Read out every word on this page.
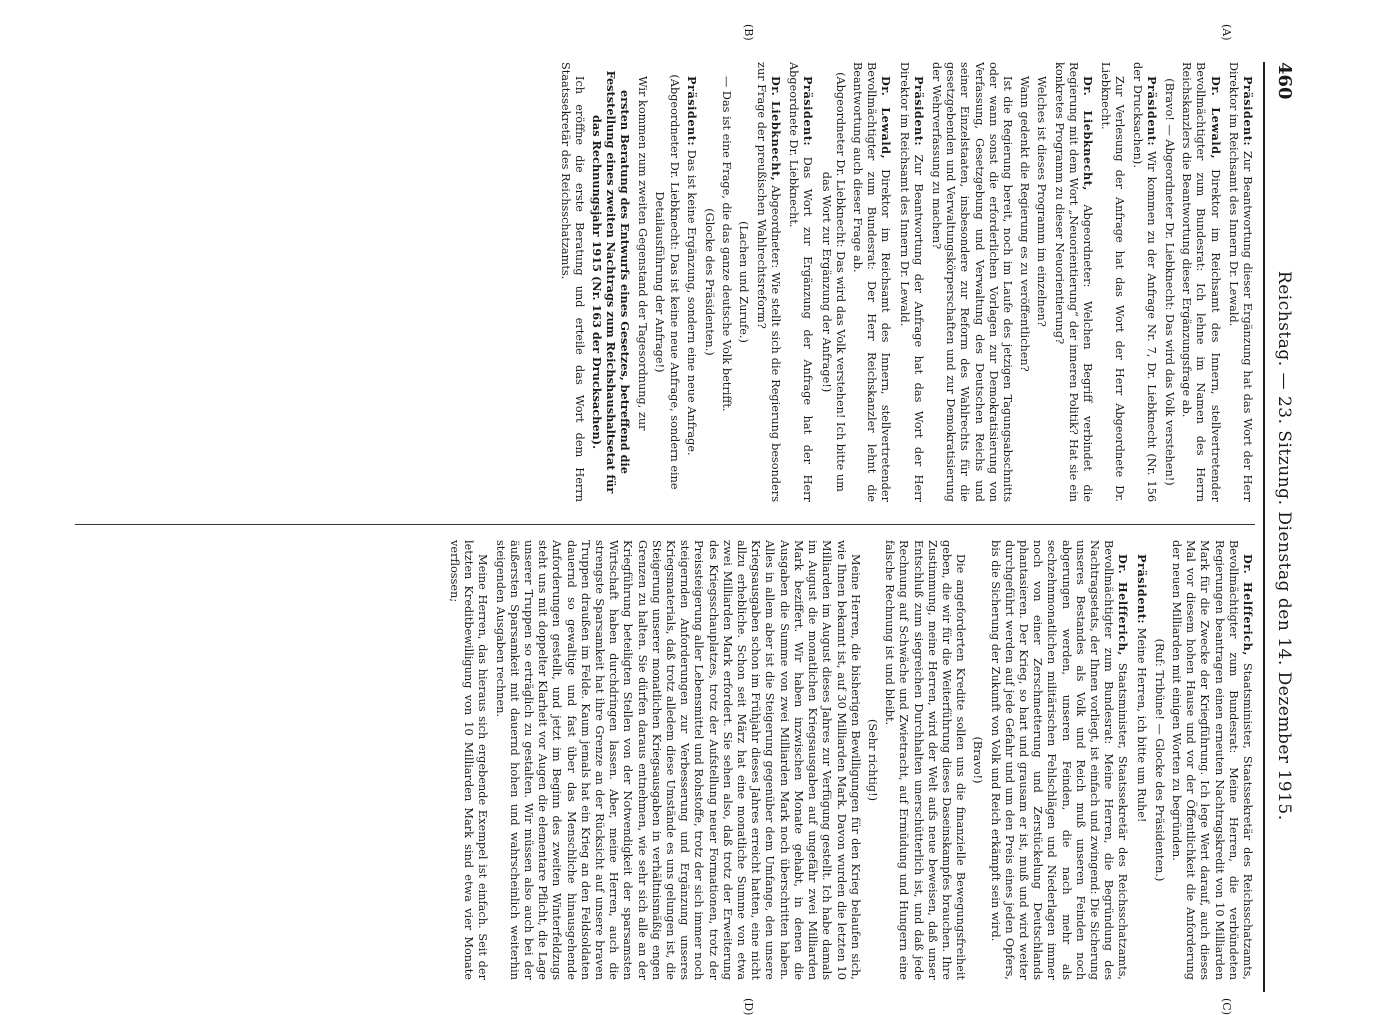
460
Reichstag. — 23. Sitzung. Dienstag den 14. Dezember 1915.
(A)
(B)
(C)
(D)

Präsident: Zur Beantwortung dieser Ergänzung hat das Wort der Herr Direktor im Reichsamt des Innern Dr. Lewald.

Dr. Lewald, Direktor im Reichsamt des Innern, stellvertretender Bevollmächtigter zum Bundesrat: Ich lehne im Namen des Herrn Reichskanzlers die Beantwortung dieser Ergänzungsfrage ab.

(Bravo! — Abgeordneter Dr. Liebknecht: Das wird das Volk verstehen!)

Präsident: Wir kommen zu der Anfrage Nr. 7, Dr. Liebknecht (Nr. 156 der Drucksachen).

Zur Verlesung der Anfrage hat das Wort der Herr Abgeordnete Dr. Liebknecht.

Dr. Liebknecht, Abgeordneter: Welchen Begriff verbindet die Regierung mit dem Wort „Neuorientierung“ der inneren Politik? Hat sie ein konkretes Programm zu dieser Neuorientierung?

Welches ist dieses Programm im einzelnen?

Wann gedenkt die Regierung es zu veröffentlichen?

Ist die Regierung bereit, noch im Laufe des jetzigen Tagungsabschnitts oder wann sonst die erforderlichen Vorlagen zur Demokratisierung von Verfassung, Gesetzgebung und Verwaltung des Deutschen Reichs und seiner Einzelstaaten, insbesondere zur Reform des Wahlrechts für die gesetzgebenden und Verwaltungskörperschaften und zur Demokratisierung der Wehrverfassung zu machen?

Präsident: Zur Beantwortung der Anfrage hat das Wort der Herr Direktor im Reichsamt des Innern Dr. Lewald.

Dr. Lewald, Direktor im Reichsamt des Innern, stellvertretender Bevollmächtigter zum Bundesrat: Der Herr Reichskanzler lehnt die Beantwortung auch dieser Frage ab.

(Abgeordneter Dr. Liebknecht: Das wird das Volk verstehen! Ich bitte um das Wort zur Ergänzung der Anfrage!)

Präsident: Das Wort zur Ergänzung der Anfrage hat der Herr Abgeordnete Dr. Liebknecht.

Dr. Liebknecht, Abgeordneter: Wie stellt sich die Regierung besonders zur Frage der preußischen Wahlrechtsreform?

(Lachen und Zurufe.)

— Das ist eine Frage, die das ganze deutsche Volk betrifft.

(Glocke des Präsidenten.)

Präsident: Das ist keine Ergänzung, sondern eine neue Anfrage.

(Abgeordneter Dr. Liebknecht: Das ist keine neue Anfrage, sondern eine Detailausführung der Anfrage!)

Wir kommen zum zweiten Gegenstand der Tagesordnung, zur

ersten Beratung des Entwurfs eines Gesetzes, betreffend die Feststellung eines zweiten Nachtrags zum Reichshaushaltsetat für das Rechnungsjahr 1915 (Nr. 163 der Drucksachen).

Ich eröffne die erste Beratung und erteile das Wort dem Herrn Staatssekretär des Reichsschatzamts.

Dr. Helfferich, Staatsminister, Staatssekretär des Reichsschatzamts, Bevollmächtigter zum Bundesrat: Meine Herren, die verbündeten Regierungen beantragen einen erneuten Nachtragskredit von 10 Milliarden Mark für die Zwecke der Kriegführung. Ich lege Wert darauf, auch dieses Mal vor diesem hohen Hause und vor der Öffentlichkeit die Anforderung der neuen Milliarden mit einigen Worten zu begründen.

(Ruf: Tribüne! — Glocke des Präsidenten.)

Präsident: Meine Herren, ich bitte um Ruhe!

Dr. Helfferich, Staatsminister, Staatssekretär des Reichsschatzamts, Bevollmächtigter zum Bundesrat: Meine Herren, die Begründung des Nachtragsetats, der Ihnen vorliegt, ist einfach und zwingend: Die Sicherung unseres Bestandes als Volk und Reich muß unseren Feinden noch abgerungen werden, unseren Feinden, die nach mehr als sechzehnmonatlichen militärischen Fehlschlägen und Niederlagen immer noch von einer Zerschmetterung und Zerstückelung Deutschlands phantasieren. Der Krieg, so hart und grausam er ist, muß und wird weiter durchgeführt werden auf jede Gefahr und um den Preis eines jeden Opfers, bis die Sicherung der Zukunft von Volk und Reich erkämpft sein wird.

(Bravo!)

Die angeforderten Kredite sollen uns die finanzielle Bewegungsfreiheit geben, die wir für die Weiterführung dieses Daseinskampfes brauchen. Ihre Zustimmung, meine Herren, wird der Welt aufs neue beweisen, daß unser Entschluß zum siegreichen Durchhalten unerschütterlich ist, und daß jede Rechnung auf Schwäche und Zwietracht, auf Ermüdung und Hungern eine falsche Rechnung ist und bleibt.

(Sehr richtig!)

Meine Herren, die bisherigen Bewilligungen für den Krieg belaufen sich, wie Ihnen bekannt ist, auf 30 Milliarden Mark. Davon wurden die letzten 10 Milliarden im August dieses Jahres zur Verfügung gestellt. Ich habe damals im August die monatlichen Kriegsausgaben auf ungefähr zwei Milliarden Mark beziffert. Wir haben inzwischen Monate gehabt, in denen die Ausgaben die Summe von zwei Milliarden Mark noch überschritten haben. Alles in allem aber ist die Steigerung gegenüber dem Umfange, den unsere Kriegsausgaben schon im Frühjahr dieses Jahres erreicht hatten, eine nicht allzu erhebliche. Schon seit März hat eine monatliche Summe von etwa zwei Milliarden Mark erfordert. Sie sehen also, daß trotz der Erweiterung des Kriegsschauplatzes, trotz der Aufstellung neuer Formationen, trotz der Preissteigerung aller Lebensmittel und Rohstoffe, trotz der sich immer noch steigernden Anforderungen zur Verbesserung und Ergänzung unseres Kriegsmaterials, daß trotz alledem diese Umstände es uns gelungen ist, die Steigerung unserer monatlichen Kriegsausgaben in verhältnismäßig engen Grenzen zu halten. Sie dürfen daraus entnehmen, wie sehr sich alle an der Kriegführung beteiligten Stellen von der Notwendigkeit der sparsamsten Wirtschaft haben durchdringen lassen. Aber, meine Herren, auch die strengste Sparsamkeit hat ihre Grenze an der Rücksicht auf unsere braven Truppen draußen im Felde. Kaum jemals hat ein Krieg an den Feldsoldaten dauernd so gewaltige und fast über das Menschliche hinausgehende Anforderungen gestellt, und jetzt im Beginn des zweiten Winterfeldzugs steht uns mit doppelter Klarheit vor Augen die elementare Pflicht, die Lage unserer Truppen so erträglich zu gestalten. Wir müssen also auch bei der äußersten Sparsamkeit mit dauernd hohen und wahrscheinlich weiterhin steigenden Ausgaben rechnen.

Meine Herren, das hieraus sich ergebende Exempel ist einfach. Seit der letzten Kreditbewilligung von 10 Milliarden Mark sind etwa vier Monate verflossen;
